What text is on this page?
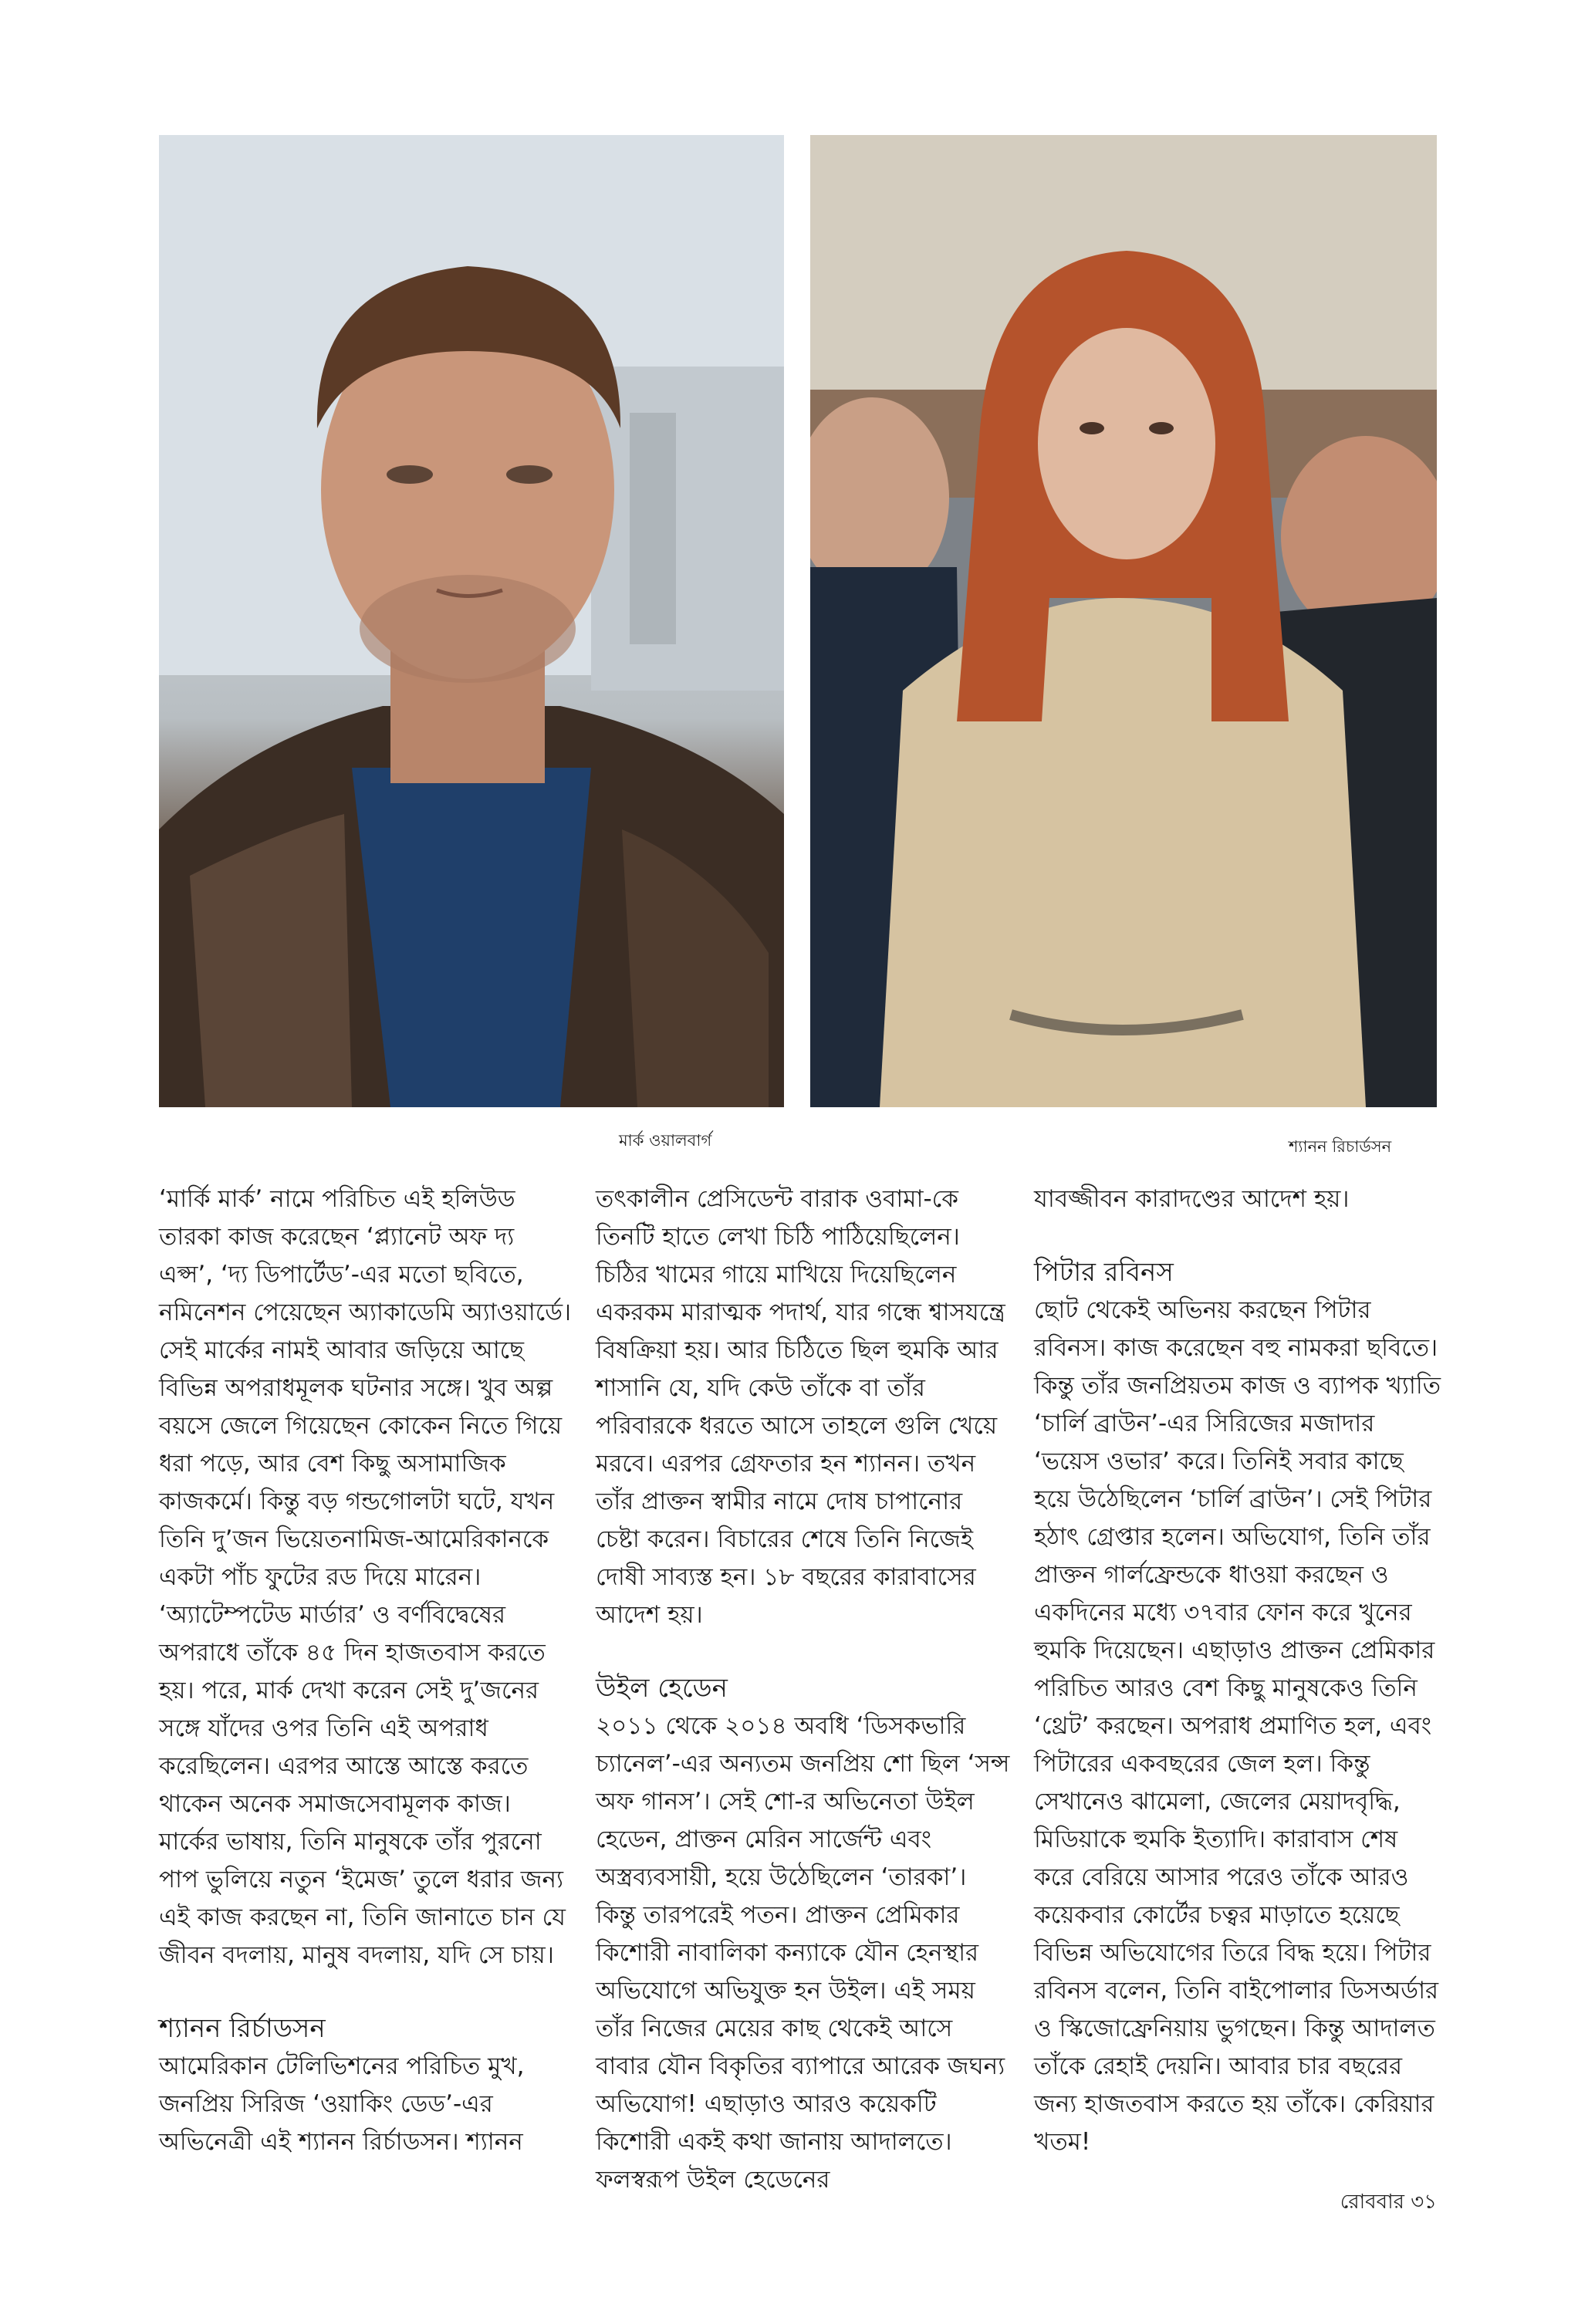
মার্ক ওয়ালবার্গ	শ্যানন রিচার্ডসন

‘মার্কি মার্ক’ নামে পরিচিত এই হলিউড তারকা কাজ করেছেন ‘প্ল্যানেট অফ দ্য এপ্স’, ‘দ্য ডিপার্টেড’-এর মতো ছবিতে, নমিনেশন পেয়েছেন অ্যাকাডেমি অ্যাওয়ার্ডে। সেই মার্কের নামই আবার জড়িয়ে আছে বিভিন্ন অপরাধমূলক ঘটনার সঙ্গে। খুব অল্প বয়সে জেলে গিয়েছেন কোকেন নিতে গিয়ে ধরা পড়ে, আর বেশ কিছু অসামাজিক কাজকর্মে। কিন্তু বড় গন্ডগোলটা ঘটে, যখন তিনি দু’জন ভিয়েতনামিজ-আমেরিকানকে একটা পাঁচ ফুটের রড দিয়ে মারেন। ‘অ্যাটেম্পটেড মার্ডার’ ও বর্ণবিদ্বেষের অপরাধে তাঁকে ৪৫ দিন হাজতবাস করতে হয়। পরে, মার্ক দেখা করেন সেই দু’জনের সঙ্গে যাঁদের ওপর তিনি এই অপরাধ করেছিলেন। এরপর আস্তে আস্তে করতে থাকেন অনেক সমাজসেবামূলক কাজ। মার্কের ভাষায়, তিনি মানুষকে তাঁর পুরনো পাপ ভুলিয়ে নতুন ‘ইমেজ’ তুলে ধরার জন্য এই কাজ করছেন না, তিনি জানাতে চান যে জীবন বদলায়, মানুষ বদলায়, যদি সে চায়।

শ্যানন রির্চাডসন

আমেরিকান টেলিভিশনের পরিচিত মুখ, জনপ্রিয় সিরিজ ‘ওয়াকিং ডেড’-এর অভিনেত্রী এই শ্যানন রির্চাডসন। শ্যানন

তৎকালীন প্রেসিডেন্ট বারাক ওবামা-কে তিনটি হাতে লেখা চিঠি পাঠিয়েছিলেন। চিঠির খামের গায়ে মাখিয়ে দিয়েছিলেন একরকম মারাত্মক পদার্থ, যার গন্ধে শ্বাসযন্ত্রে বিষক্রিয়া হয়। আর চিঠিতে ছিল হুমকি আর শাসানি যে, যদি কেউ তাঁকে বা তাঁর পরিবারকে ধরতে আসে তাহলে গুলি খেয়ে মরবে। এরপর গ্রেফতার হন শ্যানন। তখন তাঁর প্রাক্তন স্বামীর নামে দোষ চাপানোর চেষ্টা করেন। বিচারের শেষে তিনি নিজেই দোষী সাব্যস্ত হন। ১৮ বছরের কারাবাসের আদেশ হয়।

উইল হেডেন

২০১১ থেকে ২০১৪ অবধি ‘ডিসকভারি চ্যানেল’-এর অন্যতম জনপ্রিয় শো ছিল ‘সন্স অফ গানস’। সেই শো-র অভিনেতা উইল হেডেন, প্রাক্তন মেরিন সার্জেন্ট এবং অস্ত্রব্যবসায়ী, হয়ে উঠেছিলেন ‘তারকা’। কিন্তু তারপরেই পতন। প্রাক্তন প্রেমিকার কিশোরী নাবালিকা কন্যাকে যৌন হেনস্থার অভিযোগে অভিযুক্ত হন উইল। এই সময় তাঁর নিজের মেয়ের কাছ থেকেই আসে বাবার যৌন বিকৃতির ব্যাপারে আরেক জঘন্য অভিযোগ! এছাড়াও আরও কয়েকটি কিশোরী একই কথা জানায় আদালতে। ফলস্বরূপ উইল হেডেনের

যাবজ্জীবন কারাদণ্ডের আদেশ হয়।

পিটার রবিনস

ছোট থেকেই অভিনয় করছেন পিটার রবিনস। কাজ করেছেন বহু নামকরা ছবিতে। কিন্তু তাঁর জনপ্রিয়তম কাজ ও ব্যাপক খ্যাতি ‘চার্লি ব্রাউন’-এর সিরিজের মজাদার ‘ভয়েস ওভার’ করে। তিনিই সবার কাছে হয়ে উঠেছিলেন ‘চার্লি ব্রাউন’। সেই পিটার হঠাৎ গ্রেপ্তার হলেন। অভিযোগ, তিনি তাঁর প্রাক্তন গার্লফ্রেন্ডকে ধাওয়া করছেন ও একদিনের মধ্যে ৩৭বার ফোন করে খুনের হুমকি দিয়েছেন। এছাড়াও প্রাক্তন প্রেমিকার পরিচিত আরও বেশ কিছু মানুষকেও তিনি ‘থ্রেট’ করছেন। অপরাধ প্রমাণিত হল, এবং পিটারের একবছরের জেল হল। কিন্তু সেখানেও ঝামেলা, জেলের মেয়াদবৃদ্ধি, মিডিয়াকে হুমকি ইত্যাদি। কারাবাস শেষ করে বেরিয়ে আসার পরেও তাঁকে আরও কয়েকবার কোর্টের চত্বর মাড়াতে হয়েছে বিভিন্ন অভিযোগের তিরে বিদ্ধ হয়ে। পিটার রবিনস বলেন, তিনি বাইপোলার ডিসঅর্ডার ও স্কিজোফ্রেনিয়ায় ভুগছেন। কিন্তু আদালত তাঁকে রেহাই দেয়নি। আবার চার বছরের জন্য হাজতবাস করতে হয় তাঁকে। কেরিয়ার খতম!

রোববার ৩১
